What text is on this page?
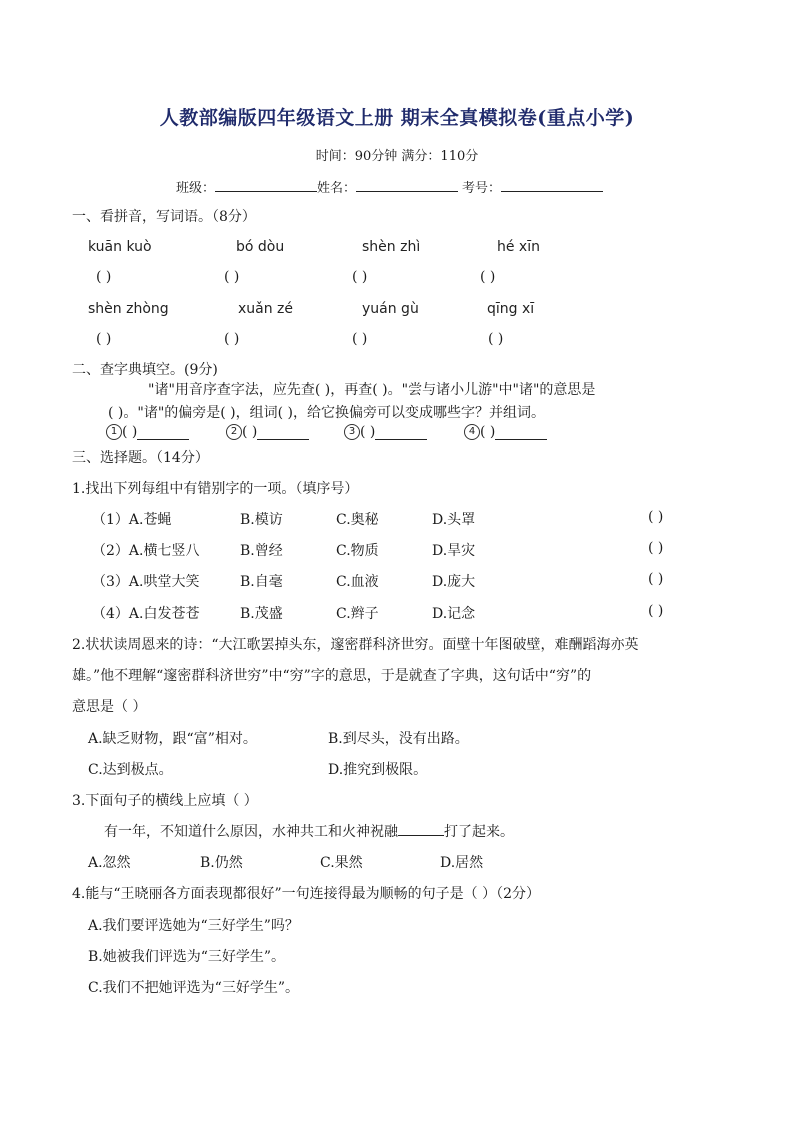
人教部编版四年级语文上册 期末全真模拟卷(重点小学)
时间：90分钟 满分：110分
班级：	姓名：	考号：
一、看拼音，写词语。（8分）
kuān kuò	bó dòu	shèn zhì	hé xīn
( )	( )	( )	( )
shèn zhòng	xuǎn zé	yuán gù	qīng xī
( )	( )	( )	( )
二、查字典填空。(9分)
"诸"用音序查字法，应先查( )，再查( )。"尝与诸小儿游"中"诸"的意思是
( )。"诸"的偏旁是( )，组词( )，给它换偏旁可以变成哪些字？并组词。
1 ( )	2 ( )	3 ( )	4 ( )
三、选择题。（14分）
1.找出下列每组中有错别字的一项。（填序号）
（1）A.苍蝇	B.模访	C.奥秘	D.头罩	( )
（2）A.横七竖八	B.曾经	C.物质	D.旱灾	( )
（3）A.哄堂大笑	B.自毫	C.血液	D.庞大	( )
（4）A.白发苍苍	B.茂盛	C.辫子	D.记念	( )
2.状状读周恩来的诗：“大江歌罢掉头东，邃密群科济世穷。面壁十年图破壁，难酬蹈海亦英
雄。”他不理解“邃密群科济世穷”中“穷”字的意思，于是就查了字典，这句话中“穷”的
意思是（ ）
A.缺乏财物，跟“富”相对。	B.到尽头，没有出路。
C.达到极点。	D.推究到极限。
3.下面句子的横线上应填（ ）
有一年，不知道什么原因，水神共工和火神祝融	打了起来。
A.忽然	B.仍然	C.果然	D.居然
4.能与“王晓丽各方面表现都很好”一句连接得最为顺畅的句子是（ ）（2分）
A.我们要评选她为“三好学生”吗？
B.她被我们评选为“三好学生”。
C.我们不把她评选为“三好学生”。
